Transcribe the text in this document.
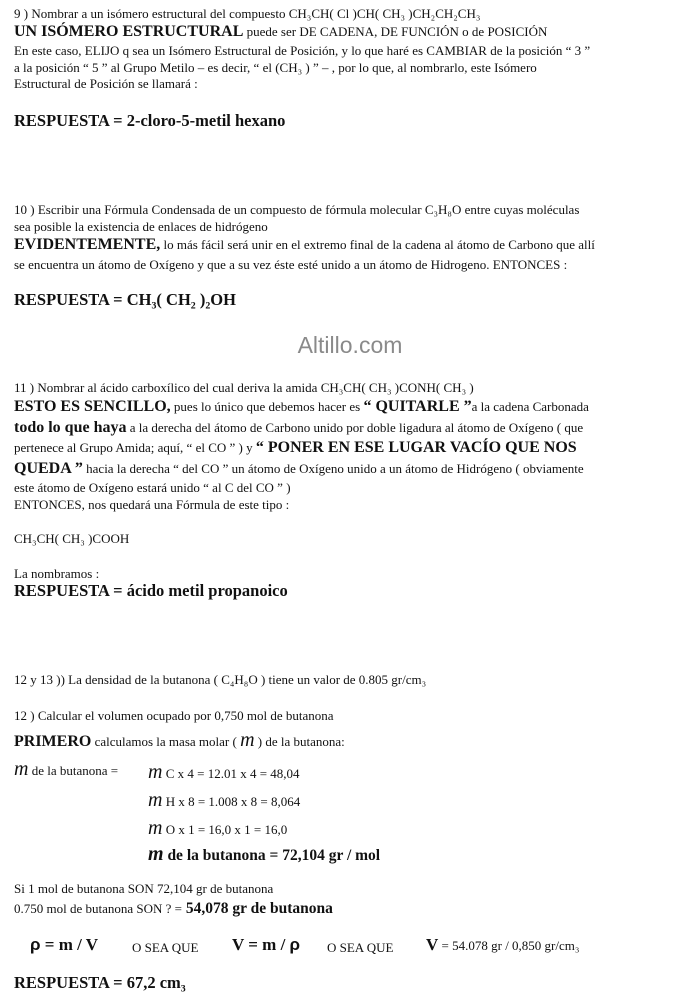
9 ) Nombrar a un isómero estructural del compuesto CH₃CH( Cl )CH( CH₃ )CH₂CH₂CH₃
UN ISÓMERO ESTRUCTURAL puede ser DE CADENA, DE FUNCIÓN o de POSICIÓN
En este caso, ELIJO q sea un Isómero Estructural de Posición, y lo que haré es CAMBIAR de la posición “ 3 ”
a la posición “ 5 ” al Grupo Metilo – es decir, “ el (CH₃ ) ” – , por lo que, al nombrarlo, este Isómero
Estructural de Posición se llamará :
RESPUESTA = 2-cloro-5-metil hexano
10 ) Escribir una Fórmula Condensada de un compuesto de fórmula molecular C₃H₈O entre cuyas moléculas
sea posible la existencia de enlaces de hidrógeno
EVIDENTEMENTE, lo más fácil será unir en el extremo final de la cadena al átomo de Carbono que allí
se encuentra un átomo de Oxígeno y que a su vez éste esté unido a un átomo de Hidrogeno. ENTONCES :
RESPUESTA = CH₃( CH₂ )₂OH
Altillo.com
11 ) Nombrar al ácido carboxílico del cual deriva la amida CH₃CH( CH₃ )CONH( CH₃ )
ESTO ES SENCILLO, pues lo único que debemos hacer es “ QUITARLE ”a la cadena Carbonada
todo lo que haya a la derecha del átomo de Carbono unido por doble ligadura al átomo de Oxígeno ( que
pertenece al Grupo Amida; aquí, “ el CO ” ) y “ PONER EN ESE LUGAR VACÍO QUE NOS
QUEDA ” hacia la derecha “ del CO ” un átomo de Oxígeno unido a un átomo de Hidrógeno ( obviamente
este átomo de Oxígeno estará unido “ al C del CO ” )
ENTONCES, nos quedará una Fórmula de este tipo :
CH₃CH( CH₃ )COOH
La nombramos :
RESPUESTA = ácido metil propanoico
12 y 13 )) La densidad de la butanona ( C₄H₈O ) tiene un valor de 0.805 gr/cm₃
12 ) Calcular el volumen ocupado por 0,750 mol de butanona
PRIMERO calculamos la masa molar ( m ) de la butanona:
m de la butanona = m C x 4 = 12.01 x 4 = 48,04
m H x 8 = 1.008 x 8 = 8,064
m O x 1 = 16,0 x 1 = 16,0
m de la butanona = 72,104 gr / mol
Si 1 mol de butanona SON 72,104 gr de butanona
0.750 mol de butanona SON ? = 54,078 gr de butanona
ρ = m / V	O SEA QUE V = m / ρ O SEA QUE V = 54.078 gr / 0,850 gr/cm₃
RESPUESTA = 67,2 cm₃
